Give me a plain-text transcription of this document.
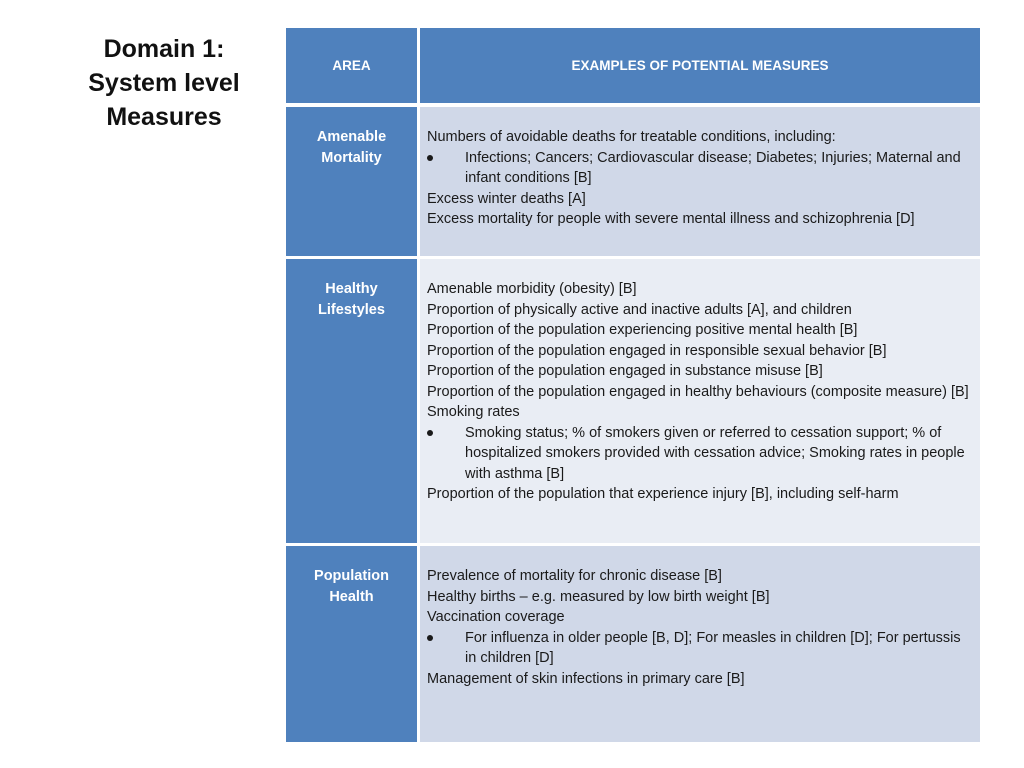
Domain 1:
System level
Measures
AREA	EXAMPLES OF POTENTIAL MEASURES
Amenable
Mortality
Numbers of avoidable deaths for treatable conditions, including:
Infections; Cancers; Cardiovascular disease; Diabetes; Injuries; Maternal and infant conditions [B]
Excess winter deaths [A]
Excess mortality for people with severe mental illness and schizophrenia [D]
Healthy
Lifestyles
Amenable morbidity (obesity) [B]
Proportion of physically active and inactive adults [A], and children
Proportion of the population experiencing positive mental health [B]
Proportion of the population engaged in responsible sexual behavior [B]
Proportion of the population engaged in substance misuse [B]
Proportion of the population engaged in healthy behaviours (composite measure) [B]
Smoking rates
Smoking status; % of smokers given or referred to cessation support; % of hospitalized smokers provided with cessation advice; Smoking rates in people with asthma [B]
Proportion of the population that experience injury [B], including self-harm
Population
Health
Prevalence of mortality for chronic disease [B]
Healthy births – e.g. measured by low birth weight [B]
Vaccination coverage
For influenza in older people [B, D]; For measles in children [D]; For pertussis in children [D]
Management of skin infections in primary care [B]
